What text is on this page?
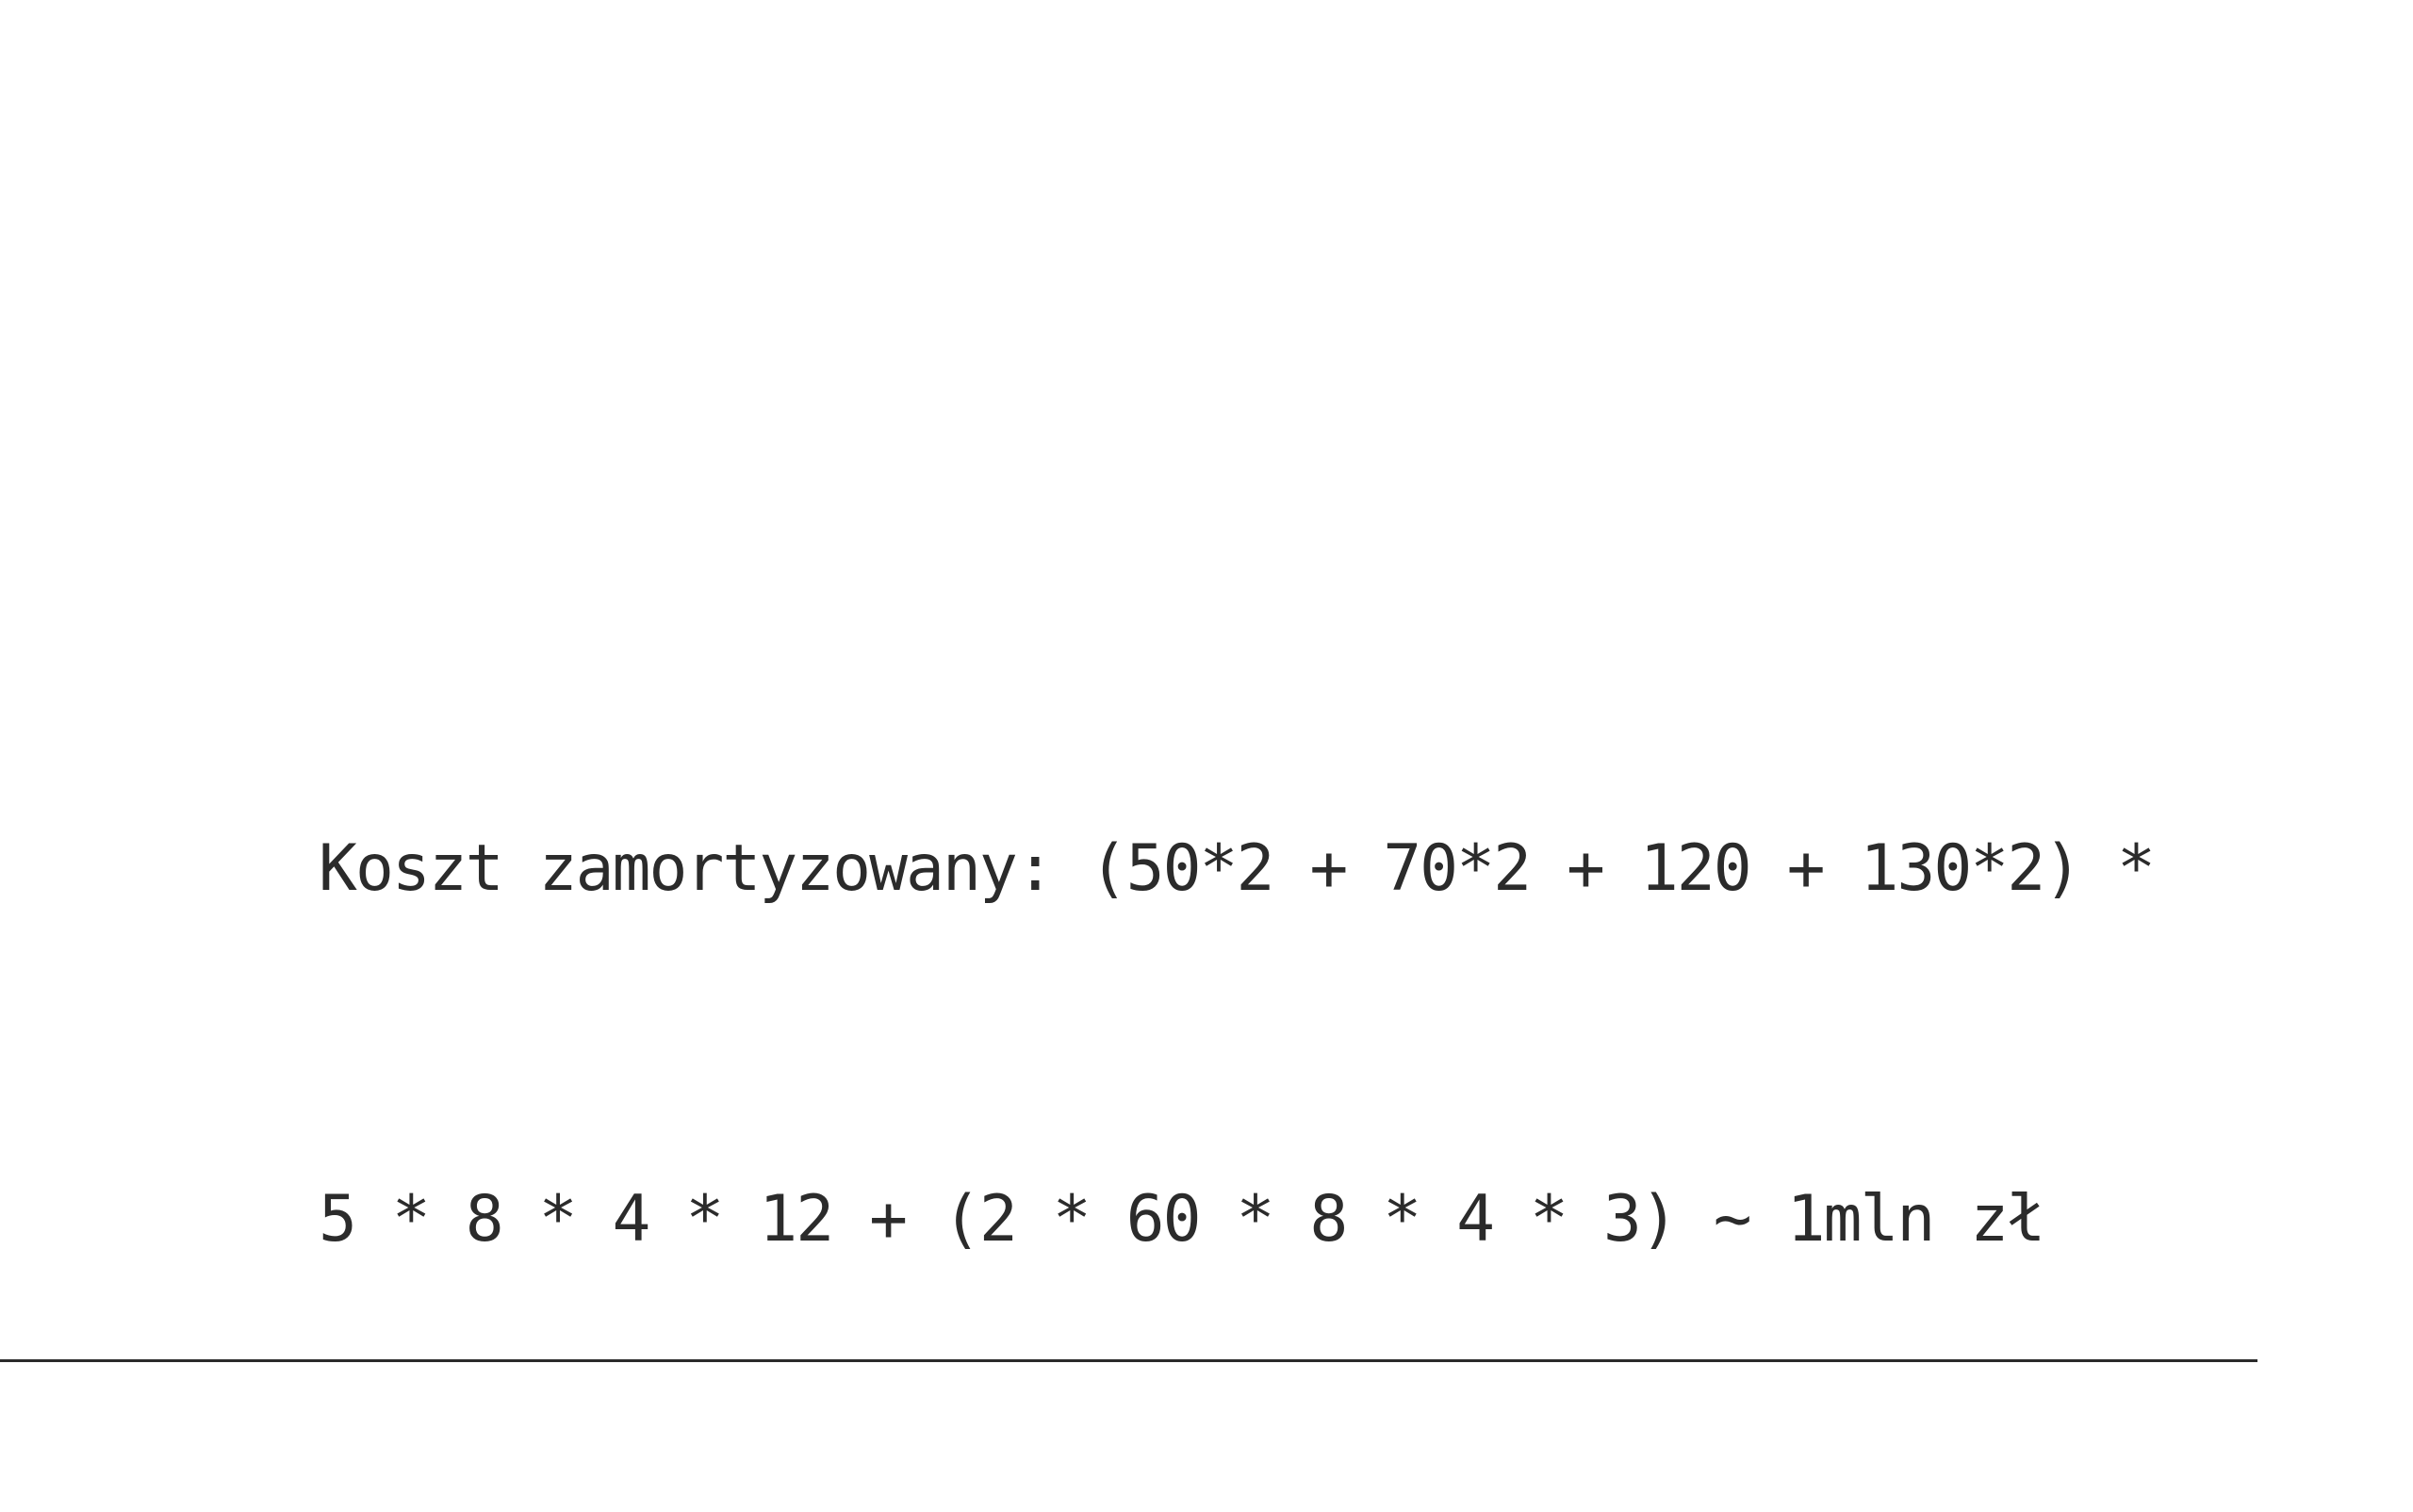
Koszt zamortyzowany: (50*2 + 70*2 + 120 + 130*2) *

5 * 8 * 4 * 12 + (2 * 60 * 8 * 4 * 3) ~ 1mln zł
